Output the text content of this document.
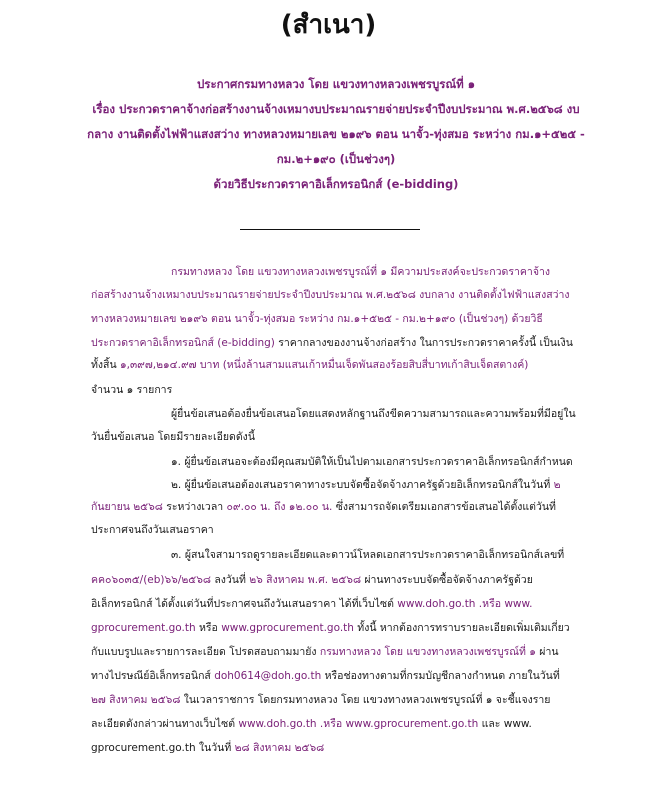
(สำเนา)
ประกาศกรมทางหลวง โดย แขวงทางหลวงเพชรบูรณ์ที่ ๑
เรื่อง ประกวดราคาจ้างก่อสร้างงานจ้างเหมางบประมาณรายจ่ายประจำปีงบประมาณ พ.ศ.๒๕๖๘ งบ
กลาง งานติดตั้งไฟฟ้าแสงสว่าง ทางหลวงหมายเลข ๒๑๙๖ ตอน นาจั้ว-ทุ่งสมอ ระหว่าง กม.๑+๕๒๕ -
กม.๒+๑๙๐ (เป็นช่วงๆ)
ด้วยวิธีประกวดราคาอิเล็กทรอนิกส์ (e-bidding)
กรมทางหลวง โดย แขวงทางหลวงเพชรบูรณ์ที่ ๑ มีความประสงค์จะประกวดราคาจ้าง
ก่อสร้างงานจ้างเหมางบประมาณรายจ่ายประจำปีงบประมาณ พ.ศ.๒๕๖๘ งบกลาง งานติดตั้งไฟฟ้าแสงสว่าง
ทางหลวงหมายเลข ๒๑๙๖ ตอน นาจั้ว-ทุ่งสมอ ระหว่าง กม.๑+๕๒๕ - กม.๒+๑๙๐ (เป็นช่วงๆ) ด้วยวิธี
ประกวดราคาอิเล็กทรอนิกส์ (e-bidding) ราคากลางของงานจ้างก่อสร้าง ในการประกวดราคาครั้งนี้ เป็นเงิน
ทั้งสิ้น ๑,๓๙๗,๒๑๔.๙๗ บาท (หนึ่งล้านสามแสนเก้าหมื่นเจ็ดพันสองร้อยสิบสี่บาทเก้าสิบเจ็ดสตางค์)
จำนวน ๑ รายการ
ผู้ยื่นข้อเสนอต้องยื่นข้อเสนอโดยแสดงหลักฐานถึงขีดความสามารถและความพร้อมที่มีอยู่ใน
วันยื่นข้อเสนอ โดยมีรายละเอียดดังนี้
๑. ผู้ยื่นข้อเสนอจะต้องมีคุณสมบัติให้เป็นไปตามเอกสารประกวดราคาอิเล็กทรอนิกส์กำหนด
๒. ผู้ยื่นข้อเสนอต้องเสนอราคาทางระบบจัดซื้อจัดจ้างภาครัฐด้วยอิเล็กทรอนิกส์ในวันที่ ๒
กันยายน ๒๕๖๘ ระหว่างเวลา ๐๙.๐๐ น. ถึง ๑๒.๐๐ น. ซึ่งสามารถจัดเตรียมเอกสารข้อเสนอได้ตั้งแต่วันที่
ประกาศจนถึงวันเสนอราคา
๓. ผู้สนใจสามารถดูรายละเอียดและดาวน์โหลดเอกสารประกวดราคาอิเล็กทรอนิกส์เลขที่
คค๐๖๐๓๕/(eb)๖๖/๒๕๖๘ ลงวันที่ ๒๖ สิงหาคม พ.ศ. ๒๕๖๘ ผ่านทางระบบจัดซื้อจัดจ้างภาครัฐด้วย
อิเล็กทรอนิกส์ ได้ตั้งแต่วันที่ประกาศจนถึงวันเสนอราคา ได้ที่เว็บไซต์ www.doh.go.th .หรือ www.
gprocurement.go.th หรือ www.gprocurement.go.th ทั้งนี้ หากต้องการทราบรายละเอียดเพิ่มเติมเกี่ยว
กับแบบรูปและรายการละเอียด โปรดสอบถามมายัง กรมทางหลวง โดย แขวงทางหลวงเพชรบูรณ์ที่ ๑ ผ่าน
ทางไปรษณีย์อิเล็กทรอนิกส์ doh0614@doh.go.th หรือช่องทางตามที่กรมบัญชีกลางกำหนด ภายในวันที่
๒๗ สิงหาคม ๒๕๖๘ ในเวลาราชการ โดยกรมทางหลวง โดย แขวงทางหลวงเพชรบูรณ์ที่ ๑ จะชี้แจงราย
ละเอียดดังกล่าวผ่านทางเว็บไซต์ www.doh.go.th .หรือ www.gprocurement.go.th และ www.
gprocurement.go.th ในวันที่ ๒๘ สิงหาคม ๒๕๖๘
